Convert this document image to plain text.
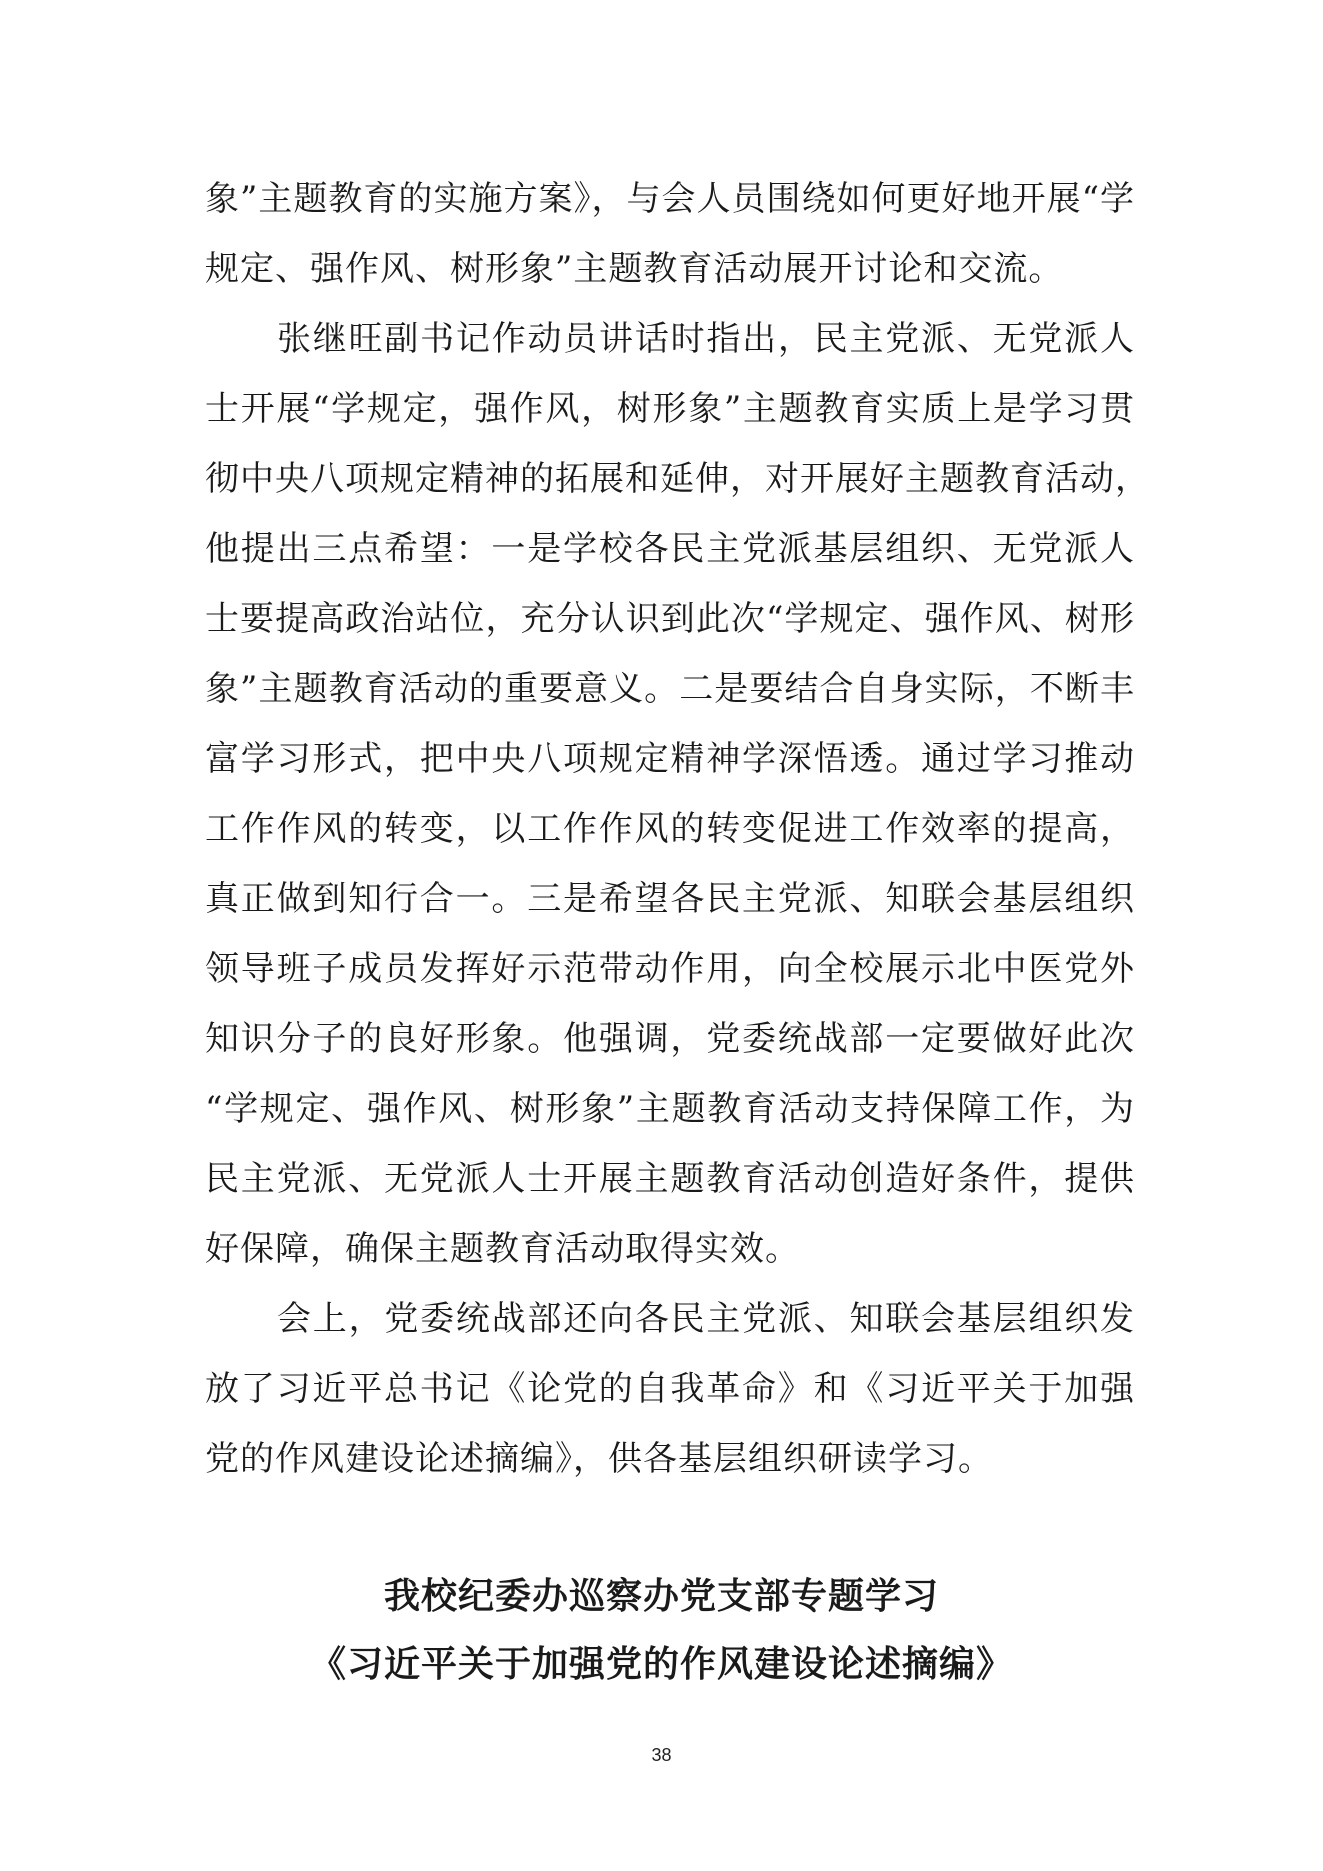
象”主题教育的实施方案》，与会人员围绕如何更好地开展“学
规定、强作风、树形象”主题教育活动展开讨论和交流。
张继旺副书记作动员讲话时指出，民主党派、无党派人
士开展“学规定，强作风，树形象”主题教育实质上是学习贯
彻中央八项规定精神的拓展和延伸，对开展好主题教育活动，
他提出三点希望：一是学校各民主党派基层组织、无党派人
士要提高政治站位，充分认识到此次“学规定、强作风、树形
象”主题教育活动的重要意义。二是要结合自身实际，不断丰
富学习形式，把中央八项规定精神学深悟透。通过学习推动
工作作风的转变，以工作作风的转变促进工作效率的提高，
真正做到知行合一。三是希望各民主党派、知联会基层组织
领导班子成员发挥好示范带动作用，向全校展示北中医党外
知识分子的良好形象。他强调，党委统战部一定要做好此次
“学规定、强作风、树形象”主题教育活动支持保障工作，为
民主党派、无党派人士开展主题教育活动创造好条件，提供
好保障，确保主题教育活动取得实效。
会上，党委统战部还向各民主党派、知联会基层组织发
放了习近平总书记《论党的自我革命》和《习近平关于加强
党的作风建设论述摘编》，供各基层组织研读学习。
我校纪委办巡察办党支部专题学习
《习近平关于加强党的作风建设论述摘编》
38
